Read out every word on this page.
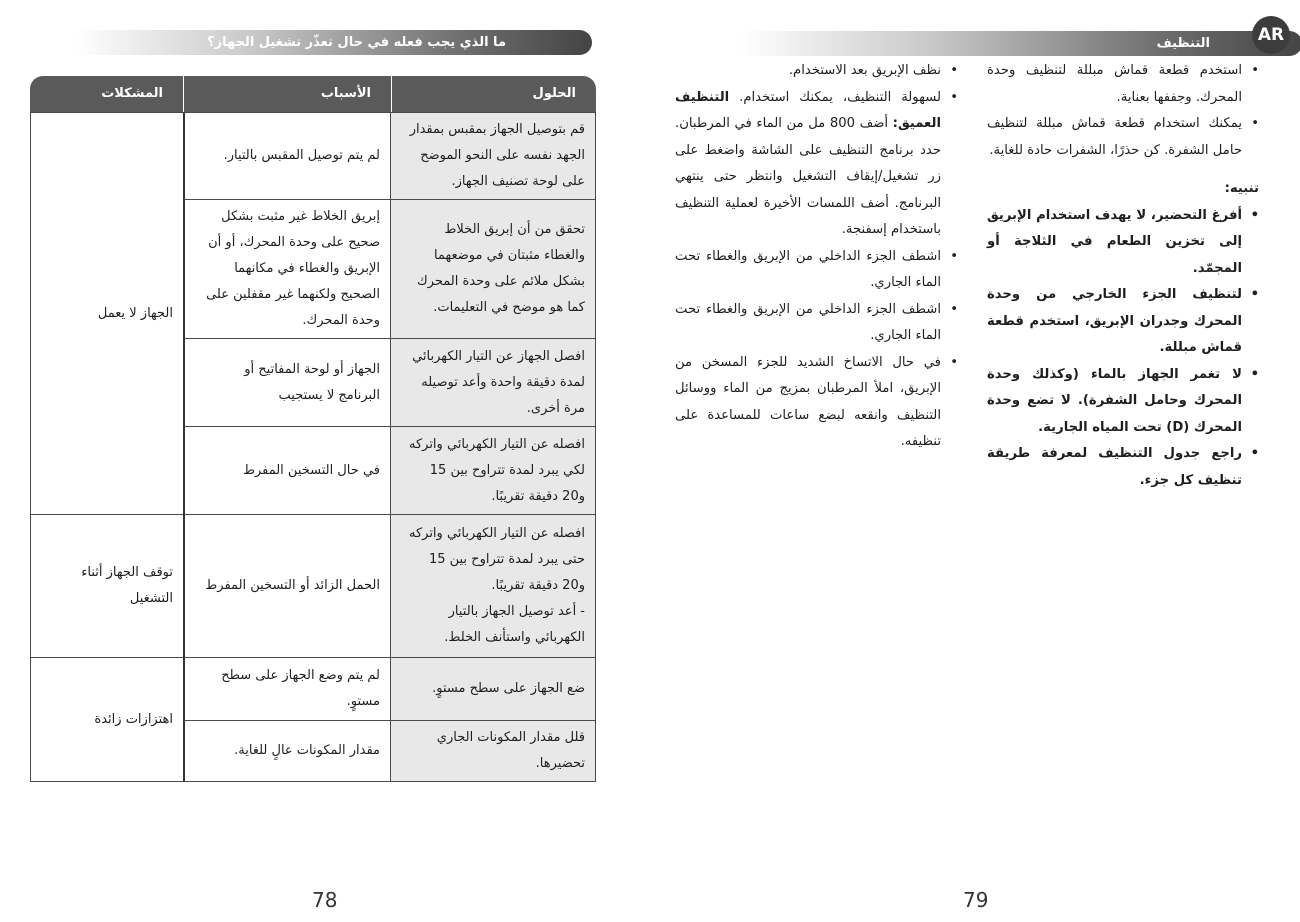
ما الذي يجب فعله في حال تعذّر تشغيل الجهاز؟
الحلول	الأسباب	المشكلات
قم بتوصيل الجهاز بمقبس بمقدار الجهد نفسه على النحو الموضح على لوحة تصنيف الجهاز.	لم يتم توصيل المقبس بالتيار.	الجهاز لا يعمل
تحقق من أن إبريق الخلاط والغطاء مثبتان في موضعهما بشكل ملائم على وحدة المحرك كما هو موضح في التعليمات.	إبريق الخلاط غير مثبت بشكل صحيح على وحدة المحرك، أو أن الإبريق والغطاء في مكانهما الصحيح ولكنهما غير مقفلين على وحدة المحرك.	
افصل الجهاز عن التيار الكهربائي لمدة دقيقة واحدة وأعد توصيله مرة أخرى.	الجهاز أو لوحة المفاتيح أو البرنامج لا يستجيب	
افصله عن التيار الكهربائي واتركه لكي يبرد لمدة تتراوح بين 15 و20 دقيقة تقريبًا.	في حال التسخين المفرط	

افصله عن التيار الكهربائي واتركه حتى يبرد لمدة تتراوح بين 15 و20 دقيقة تقريبًا.
- أعد توصيل الجهاز بالتيار الكهربائي واستأنف الخلط.	الحمل الزائد أو التسخين المفرط	توقف الجهاز أثناء التشغيل
ضع الجهاز على سطح مستوٍ.	لم يتم وضع الجهاز على سطح مستوٍ.	اهتزازات زائدة
قلل مقدار المكونات الجاري تحضيرها.	مقدار المكونات عالٍ للغاية.	
78
التنظيف	AR
• استخدم قطعة قماش مبللة لتنظيف وحدة المحرك. وجففها بعناية.
• يمكنك استخدام قطعة قماش مبللة لتنظيف حامل الشفرة. كن حذرًا، الشفرات حادة للغاية.
تنبيه:
• أفرغ التحضير، لا يهدف استخدام الإبريق إلى تخزين الطعام في الثلاجة أو المجمّد.
• لتنظيف الجزء الخارجي من وحدة المحرك وجدران الإبريق، استخدم قطعة قماش مبللة.
• لا تغمر الجهاز بالماء (وكذلك وحدة المحرك وحامل الشفرة). لا تضع وحدة المحرك (D) تحت المياه الجارية.
• راجع جدول التنظيف لمعرفة طريقة تنظيف كل جزء.
• نظف الإبريق بعد الاستخدام.
• لسهولة التنظيف، يمكنك استخدام. التنظيف العميق: أضف 800 مل من الماء في المرطبان. حدد برنامج التنظيف على الشاشة واضغط على زر تشغيل/إيقاف التشغيل وانتظر حتى ينتهي البرنامج. أضف اللمسات الأخيرة لعملية التنظيف باستخدام إسفنجة.
• اشطف الجزء الداخلي من الإبريق والغطاء تحت الماء الجاري.
• اشطف الجزء الداخلي من الإبريق والغطاء تحت الماء الجاري.
• في حال الاتساخ الشديد للجزء المسخن من الإبريق، املأ المرطبان بمزيج من الماء ووسائل التنظيف وانقعه لبضع ساعات للمساعدة على تنظيفه.
79
